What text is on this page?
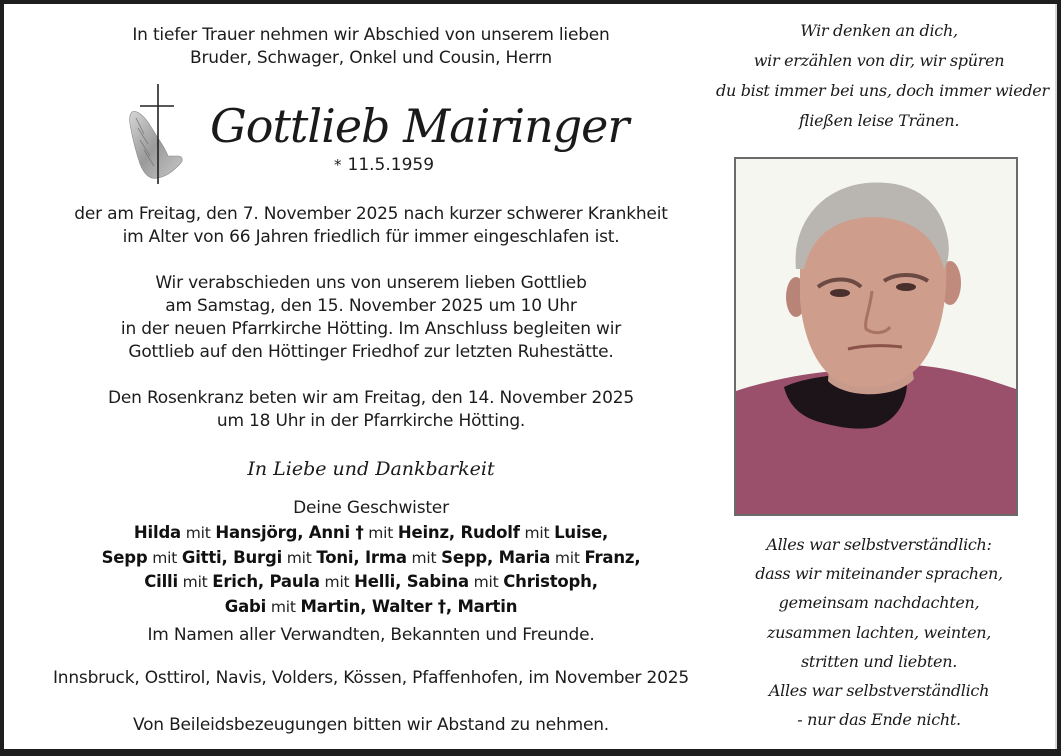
In tiefer Trauer nehmen wir Abschied von unserem lieben
Bruder, Schwager, Onkel und Cousin, Herrn
Gottlieb Mairinger
* 11.5.1959
der am Freitag, den 7. November 2025 nach kurzer schwerer Krankheit
im Alter von 66 Jahren friedlich für immer eingeschlafen ist.
Wir verabschieden uns von unserem lieben Gottlieb
am Samstag, den 15. November 2025 um 10 Uhr
in der neuen Pfarrkirche Hötting. Im Anschluss begleiten wir
Gottlieb auf den Höttinger Friedhof zur letzten Ruhestätte.
Den Rosenkranz beten wir am Freitag, den 14. November 2025
um 18 Uhr in der Pfarrkirche Hötting.
In Liebe und Dankbarkeit
Deine Geschwister
Hilda mit Hansjörg, Anni † mit Heinz, Rudolf mit Luise,
Sepp mit Gitti, Burgi mit Toni, Irma mit Sepp, Maria mit Franz,
Cilli mit Erich, Paula mit Helli, Sabina mit Christoph,
Gabi mit Martin, Walter †, Martin
Im Namen aller Verwandten, Bekannten und Freunde.
Innsbruck, Osttirol, Navis, Volders, Kössen, Pfaffenhofen, im November 2025
Von Beileidsbezeugungen bitten wir Abstand zu nehmen.
Wir denken an dich,
wir erzählen von dir, wir spüren
du bist immer bei uns, doch immer wieder
fließen leise Tränen.
Alles war selbstverständlich:
dass wir miteinander sprachen,
gemeinsam nachdachten,
zusammen lachten, weinten,
stritten und liebten.
Alles war selbstverständlich
- nur das Ende nicht.
